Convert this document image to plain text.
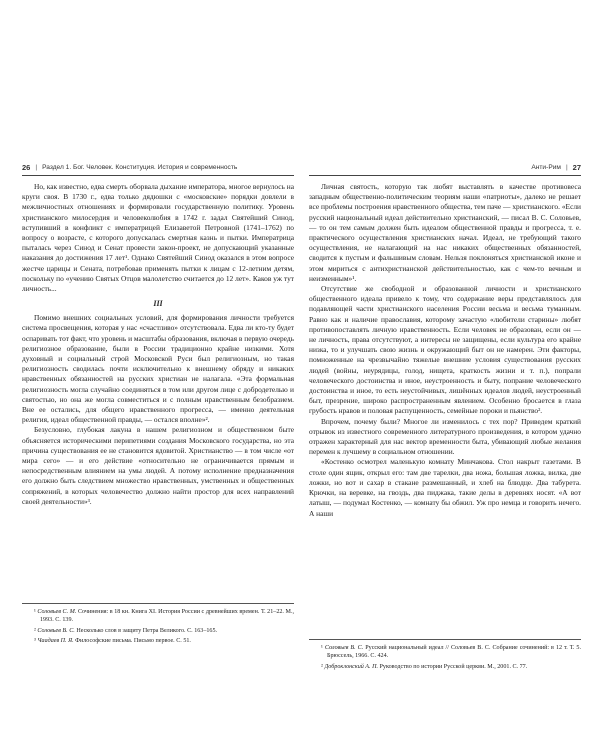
26 | Раздел 1. Бог. Человек. Конституция. История и современность

Но, как известно, едва смерть оборвала дыхание императора, многое вернулось на круги своя. В 1730 г., едва только дядюшки с «московские» порядки довлели в межличностных отношениях и формировали государственную политику. Уровень христианского милосердия и человеколюбия в 1742 г. задал Святейший Синод, вступивший в конфликт с императрицей Елизаветой Петровной (1741–1762) по вопросу о возрасте, с которого допускалась смертная казнь и пытки. Императрица пыталась через Синод и Сенат провести закон-проект, не допускающий указанные наказания до достижения 17 лет¹. Однако Святейший Синод оказался в этом вопросе жестче царицы и Сената, потребовав применять пытки к лицам с 12-летним детям, поскольку по «учению Святых Отцов малолетство считается до 12 лет». Каков уж тут личность...

III

Помимо внешних социальных условий, для формирования личности требуется система просвещения, которая у нас «счастливо» отсутствовала. Едва ли кто-ту будет оспаривать тот факт, что уровень и масштабы образования, включая в первую очередь религиозное образование, были в России традиционно крайне низкими. Хотя духовный и социальный строй Московской Руси был религиозным, но такая религиозность сводилась почти исключительно к внешнему обряду и никаких нравственных обязанностей на русских христиан не налагала. «Эта формальная религиозность могла случайно соединяться в том или другом лице с добродетелью и святостью, но она же могла совместиться и с полным нравственным безобразием. Вне ее остались, для общего нравственного прогресса, — именно деятельная религия, идеал общественной правды, — остался вполне»².

Безусловно, глубокая лакуна в нашем религиозном и общественном быте объясняется историческими перипетиями создания Московского государства, но эта причина существования ее не становится ядовитой. Христианство — в том числе «от мира сего» — и его действие «относительно не ограничивается прямым и непосредственным влиянием на умы людей. А потому исполнение предназначения его должно быть следствием множество нравственных, умственных и общественных сопряжений, в которых человечество должно найти простор для всех направлений своей деятельности»³.

¹ Соловьев С. М. Сочинения: в 18 кн. Книга XI. История России с древнейших времен. Т. 21–22. М., 1993. С. 139.

² Соловьев В. С. Несколько слов в защиту Петра Великого. С. 163–165.

³ Чаадаев П. Я. Философские письма. Письмо первое. С. 51.

Анти-Рим | 27

Личная святость, которую так любят выставлять в качестве противовеса западным общественно-политическим теориям наши «патриоты», далеко не решает все проблемы построения нравственного общества, тем паче — христианского. «Если русский национальный идеал действительно христианский, — писал В. С. Соловьев, — то он тем самым должен быть идеалом общественной правды и прогресса, т. е. практического осуществления христианских начал. Идеал, не требующий такого осуществления, не налагающий на нас никаких общественных обязанностей, сводится к пустым и фальшивым словам. Нельзя поклоняться христианской иконе и этом мириться с антихристианской действительностью, как с чем-то вечным и неизменным»¹.

Отсутствие же свободной и образованной личности и христианского общественного идеала привело к тому, что содержание веры представлялось для подавляющей части христианского населения России весьма и весьма туманным. Равно как и наличие православия, которому зачастую «любители старины» любят противопоставлять личную нравственность. Если человек не образован, если он — не личность, права отсутствуют, а интересы не защищены, если культура его крайне низка, то и улучшать свою жизнь и окружающий быт он не намерен. Эти факторы, помноженные на чрезвычайно тяжелые внешние условия существования русских людей (войны, неурядицы, голод, нищета, краткость жизни и т. п.), попрали человеческого достоинства и иное, неустроенность и быту, попрание человеческого достоинства и иное, то есть неустойчивых, лишённых идеалов людей, неустроенный быт, презрение, широко распространенным явлением. Особенно бросается в глаза грубость нравов и половая распущенность, семейные пороки и пьянство².

Впрочем, почему были? Многое ли изменилось с тех пор? Приведем краткий отрывок из известного современного литературного произведения, в котором удачно отражен характерный для нас вектор временности быта, убивающий любые желания перемен к лучшему в социальном отношении.

«Костенко осмотрел маленькую комнату Минчакова. Стол накрыт газетами. В столе один ящик, открыл его: там две тарелки, два ножа, большая ложка, вилка, две ложки, но вот и сахар в стакане размешанный, и хлеб на блюдце. Два табурета. Крючки, на веревке, на гвоздь, два пиджака, такие делы в деревнях носят. «А вот латыш, — подумал Костенко, — комнату бы обжил. Уж про немца и говорить нечего. А наши

¹ Соловьев В. С. Русский национальный идеал // Соловьев В. С. Собрание сочинений: в 12 т. Т. 5. Брюссель, 1966. С. 424.

² Доброклонский А. П. Руководство по истории Русской церкви. М., 2001. С. 77.
